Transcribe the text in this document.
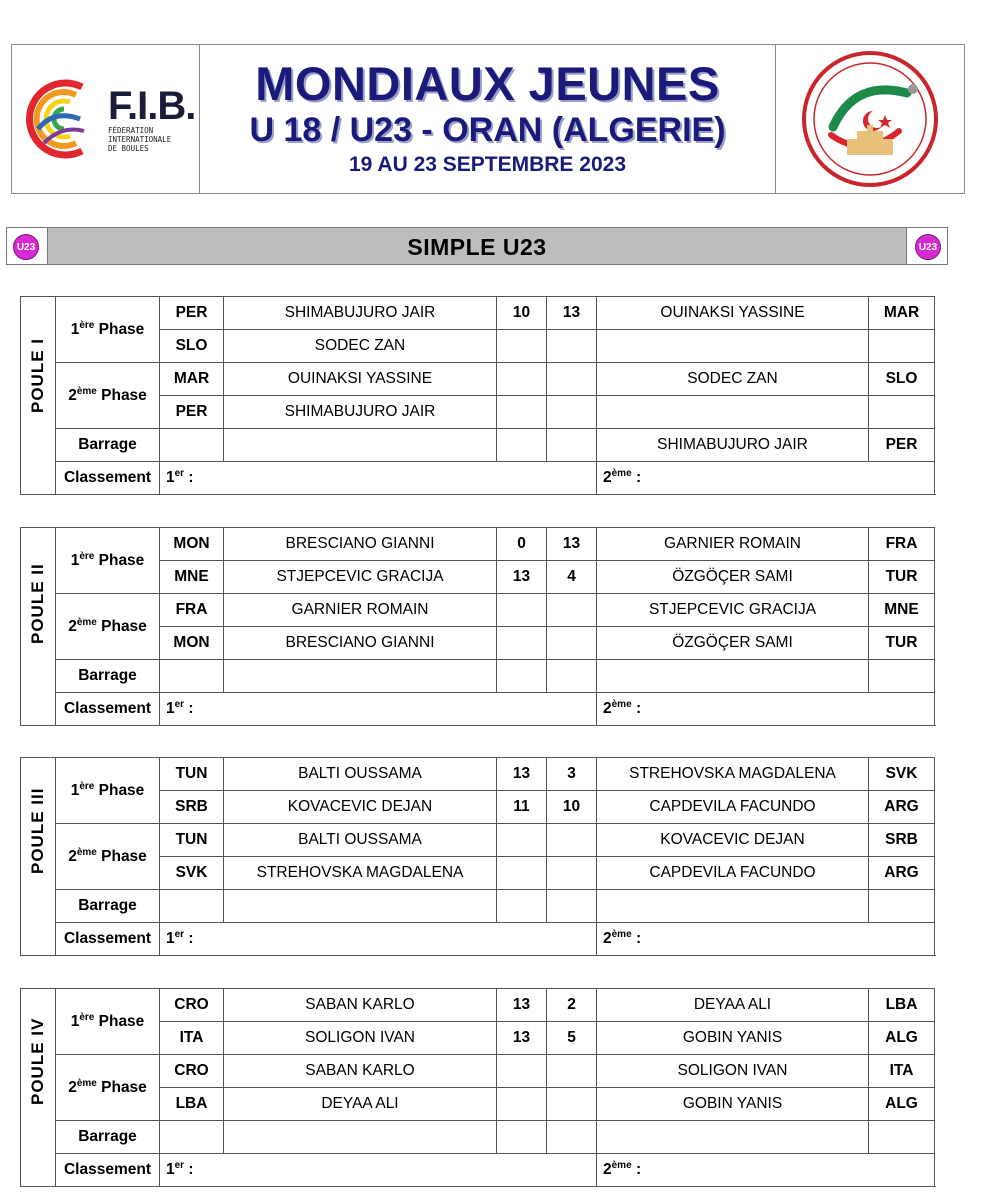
F.I.B.
FÉDERATION
INTERNATIONALE
DE BOULES
MONDIAUX JEUNES
U 18 / U23 - ORAN (ALGERIE)
19 AU 23 SEPTEMBRE 2023
SIMPLE U23
U23	U23
POULE I	1ère Phase	PER	SHIMABUJURO JAIR	10	13	OUINAKSI YASSINE	MAR
		SLO	SODEC ZAN				
	2ème Phase	MAR	OUINAKSI YASSINE			SODEC ZAN	SLO
		PER	SHIMABUJURO JAIR				
	Barrage					SHIMABUJURO JAIR	PER
	Classement	1er :				2ème :	
POULE II	1ère Phase	MON	BRESCIANO GIANNI	0	13	GARNIER ROMAIN	FRA
		MNE	STJEPCEVIC GRACIJA	13	4	ÖZGÖÇER SAMI	TUR
	2ème Phase	FRA	GARNIER ROMAIN			STJEPCEVIC GRACIJA	MNE
		MON	BRESCIANO GIANNI			ÖZGÖÇER SAMI	TUR
	Barrage						
	Classement	1er :				2ème :	
POULE III	1ère Phase	TUN	BALTI OUSSAMA	13	3	STREHOVSKA MAGDALENA	SVK
		SRB	KOVACEVIC DEJAN	11	10	CAPDEVILA FACUNDO	ARG
	2ème Phase	TUN	BALTI OUSSAMA			KOVACEVIC DEJAN	SRB
		SVK	STREHOVSKA MAGDALENA			CAPDEVILA FACUNDO	ARG
	Barrage						
	Classement	1er :				2ème :	
POULE IV	1ère Phase	CRO	SABAN KARLO	13	2	DEYAA ALI	LBA
		ITA	SOLIGON IVAN	13	5	GOBIN YANIS	ALG
	2ème Phase	CRO	SABAN KARLO			SOLIGON IVAN	ITA
		LBA	DEYAA ALI			GOBIN YANIS	ALG
	Barrage						
	Classement	1er :				2ème :	
